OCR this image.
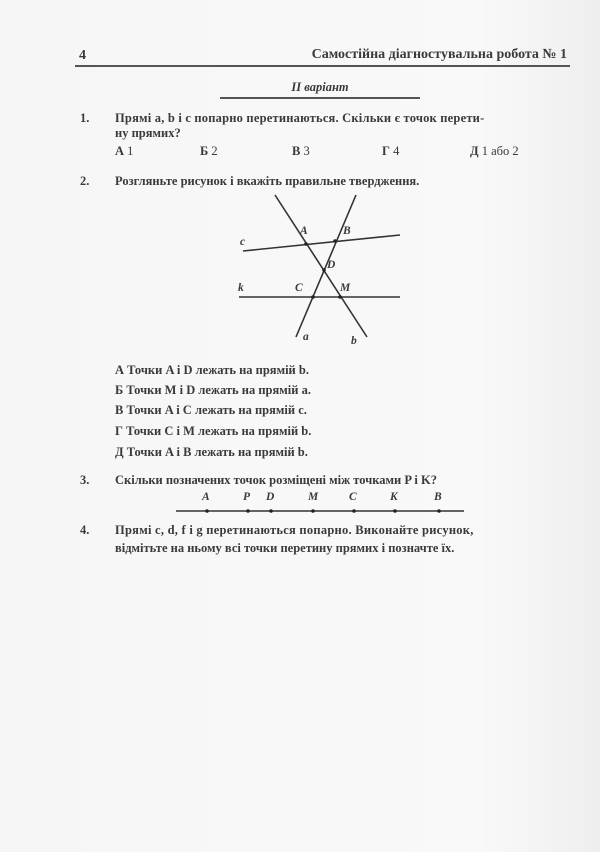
4	Самостійна діагностувальна робота № 1
II варіант
1. Прямі a, b і c попарно перетинаються. Скільки є точок перети-
ну прямих?
А 1	Б 2	В 3	Г 4	Д 1 або 2
2. Розгляньте рисунок і вкажіть правильне твердження.
A	B
D
C	M
c
k
a	b
А Точки A і D лежать на прямій b.
Б Точки M і D лежать на прямій a.
В Точки A і C лежать на прямій c.
Г Точки C і M лежать на прямій b.
Д Точки A і B лежать на прямій b.
3. Скільки позначених точок розміщені між точками P і K?
A	P D	M	C	K	B
4. Прямі c, d, f і g перетинаються попарно. Виконайте рисунок,
відмітьте на ньому всі точки перетину прямих і позначте їх.
